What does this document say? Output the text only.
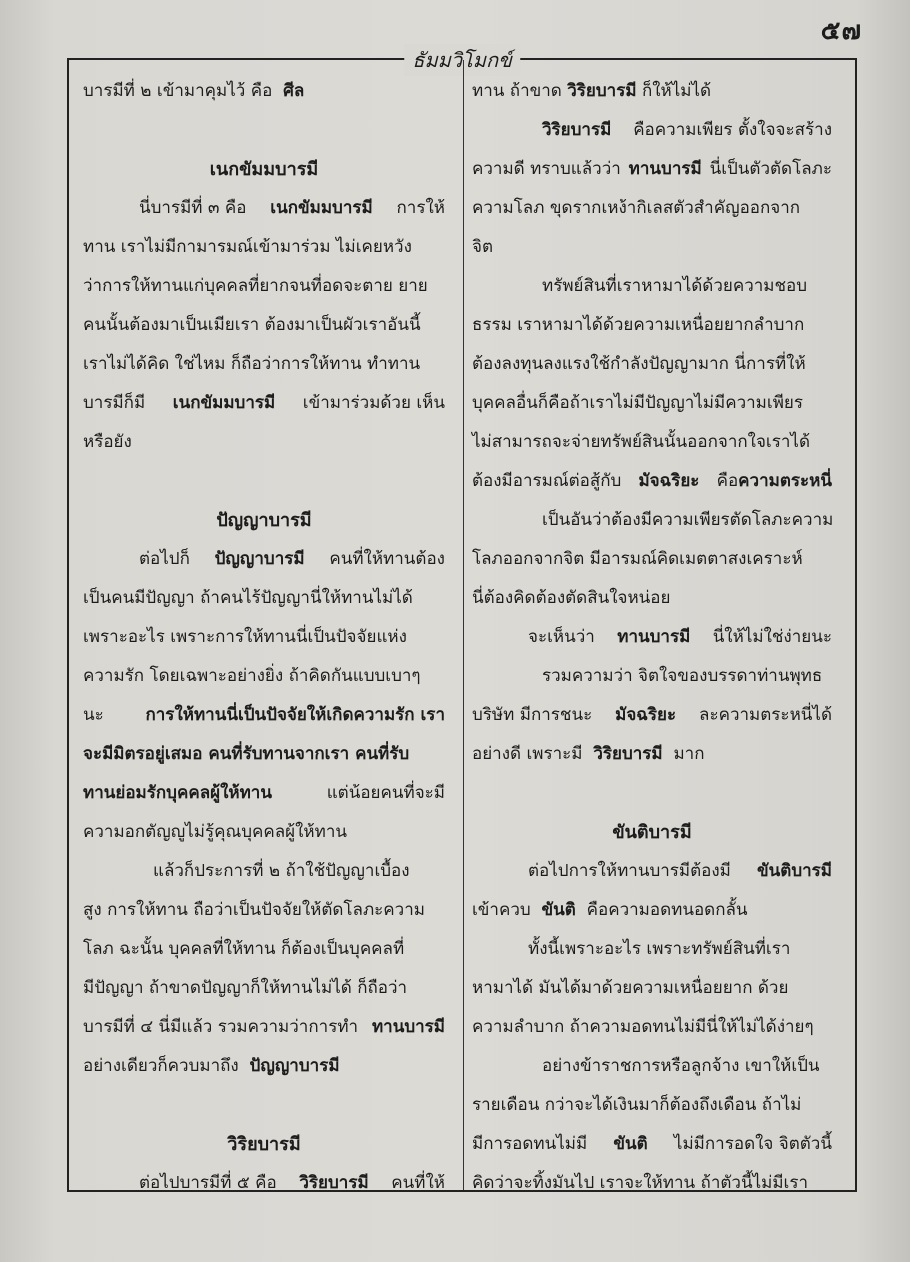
๕๗
ธัมมวิโมกข์
บารมีที่ ๒ เข้ามาคุมไว้ คือ
ศีล
เนกขัมมบารมี
นี่บารมีที่ ๓ คือ เนกขัมมบารมี การให้
ทาน เราไม่มีกามารมณ์เข้ามาร่วม ไม่เคยหวัง
ว่าการให้ทานแก่บุคคลที่ยากจนที่อดจะตาย ยาย
คนนั้นต้องมาเป็นเมียเรา ต้องมาเป็นผัวเราอันนี้
เราไม่ได้คิด ใช่ไหม ก็ถือว่าการให้ทาน ทำทาน
บารมีก็มี เนกขัมมบารมี เข้ามาร่วมด้วย เห็น
หรือยัง
ปัญญาบารมี
ต่อไปก็ ปัญญาบารมี คนที่ให้ทานต้อง
เป็นคนมีปัญญา ถ้าคนไร้ปัญญานี่ให้ทานไม่ได้
เพราะอะไร เพราะการให้ทานนี่เป็นปัจจัยแห่ง
ความรัก โดยเฉพาะอย่างยิ่ง ถ้าคิดกันแบบเบาๆ
นะ การให้ทานนี่เป็นปัจจัยให้เกิดความรัก เรา
จะมีมิตรอยู่เสมอ คนที่รับทานจากเรา คนที่รับ
ทานย่อมรักบุคคลผู้ให้ทาน	แต่น้อยคนที่จะมี
ความอกตัญญูไม่รู้คุณบุคคลผู้ให้ทาน
แล้วก็ประการที่ ๒ ถ้าใช้ปัญญาเบื้อง
สูง การให้ทาน ถือว่าเป็นปัจจัยให้ตัดโลภะความ
โลภ ฉะนั้น บุคคลที่ให้ทาน ก็ต้องเป็นบุคคลที่
มีปัญญา ถ้าขาดปัญญาก็ให้ทานไม่ได้ ก็ถือว่า
บารมีที่ ๔ นี่มีแล้ว รวมความว่าการทำ ทานบารมี
อย่างเดียวก็ควบมาถึง
ปัญญาบารมี
วิริยบารมี
ต่อไปบารมีที่ ๕ คือ วิริยบารมี คนที่ให้
ทาน ถ้าขาด
วิริยบารมี
ก็ให้ไม่ได้
วิริยบารมี คือความเพียร ตั้งใจจะสร้าง
ความดี ทราบแล้วว่า ทานบารมี นี่เป็นตัวตัดโลภะ
ความโลภ ขุดรากเหง้ากิเลสตัวสำคัญออกจาก
จิต
ทรัพย์สินที่เราหามาได้ด้วยความชอบ
ธรรม เราหามาได้ด้วยความเหนื่อยยากลำบาก
ต้องลงทุนลงแรงใช้กำลังปัญญามาก นี่การที่ให้
บุคคลอื่นก็คือถ้าเราไม่มีปัญญาไม่มีความเพียร
ไม่สามารถจะจ่ายทรัพย์สินนั้นออกจากใจเราได้
ต้องมีอารมณ์ต่อสู้กับ มัจฉริยะ คือความตระหนี่
เป็นอันว่าต้องมีความเพียรตัดโลภะความ
โลภออกจากจิต มีอารมณ์คิดเมตตาสงเคราะห์
นี่ต้องคิดต้องตัดสินใจหน่อย
จะเห็นว่า ทานบารมี นี่ให้ไม่ใช่ง่ายนะ
รวมความว่า จิตใจของบรรดาท่านพุทธ
บริษัท มีการชนะ มัจฉริยะ ละความตระหนี่ได้
อย่างดี เพราะมี
วิริยบารมี
มาก
ขันติบารมี
ต่อไปการให้ทานบารมีต้องมี ขันติบารมี
เข้าควบ
ขันติ
คือความอดทนอดกลั้น
ทั้งนี้เพราะอะไร เพราะทรัพย์สินที่เรา
หามาได้ มันได้มาด้วยความเหนื่อยยาก ด้วย
ความลำบาก ถ้าความอดทนไม่มีนี่ให้ไม่ได้ง่ายๆ
อย่างข้าราชการหรือลูกจ้าง เขาให้เป็น
รายเดือน กว่าจะได้เงินมาก็ต้องถึงเดือน ถ้าไม่
มีการอดทนไม่มี ขันติ ไม่มีการอดใจ จิตตัวนี้
คิดว่าจะทิ้งมันไป เราจะให้ทาน ถ้าตัวนี้ไม่มีเรา
